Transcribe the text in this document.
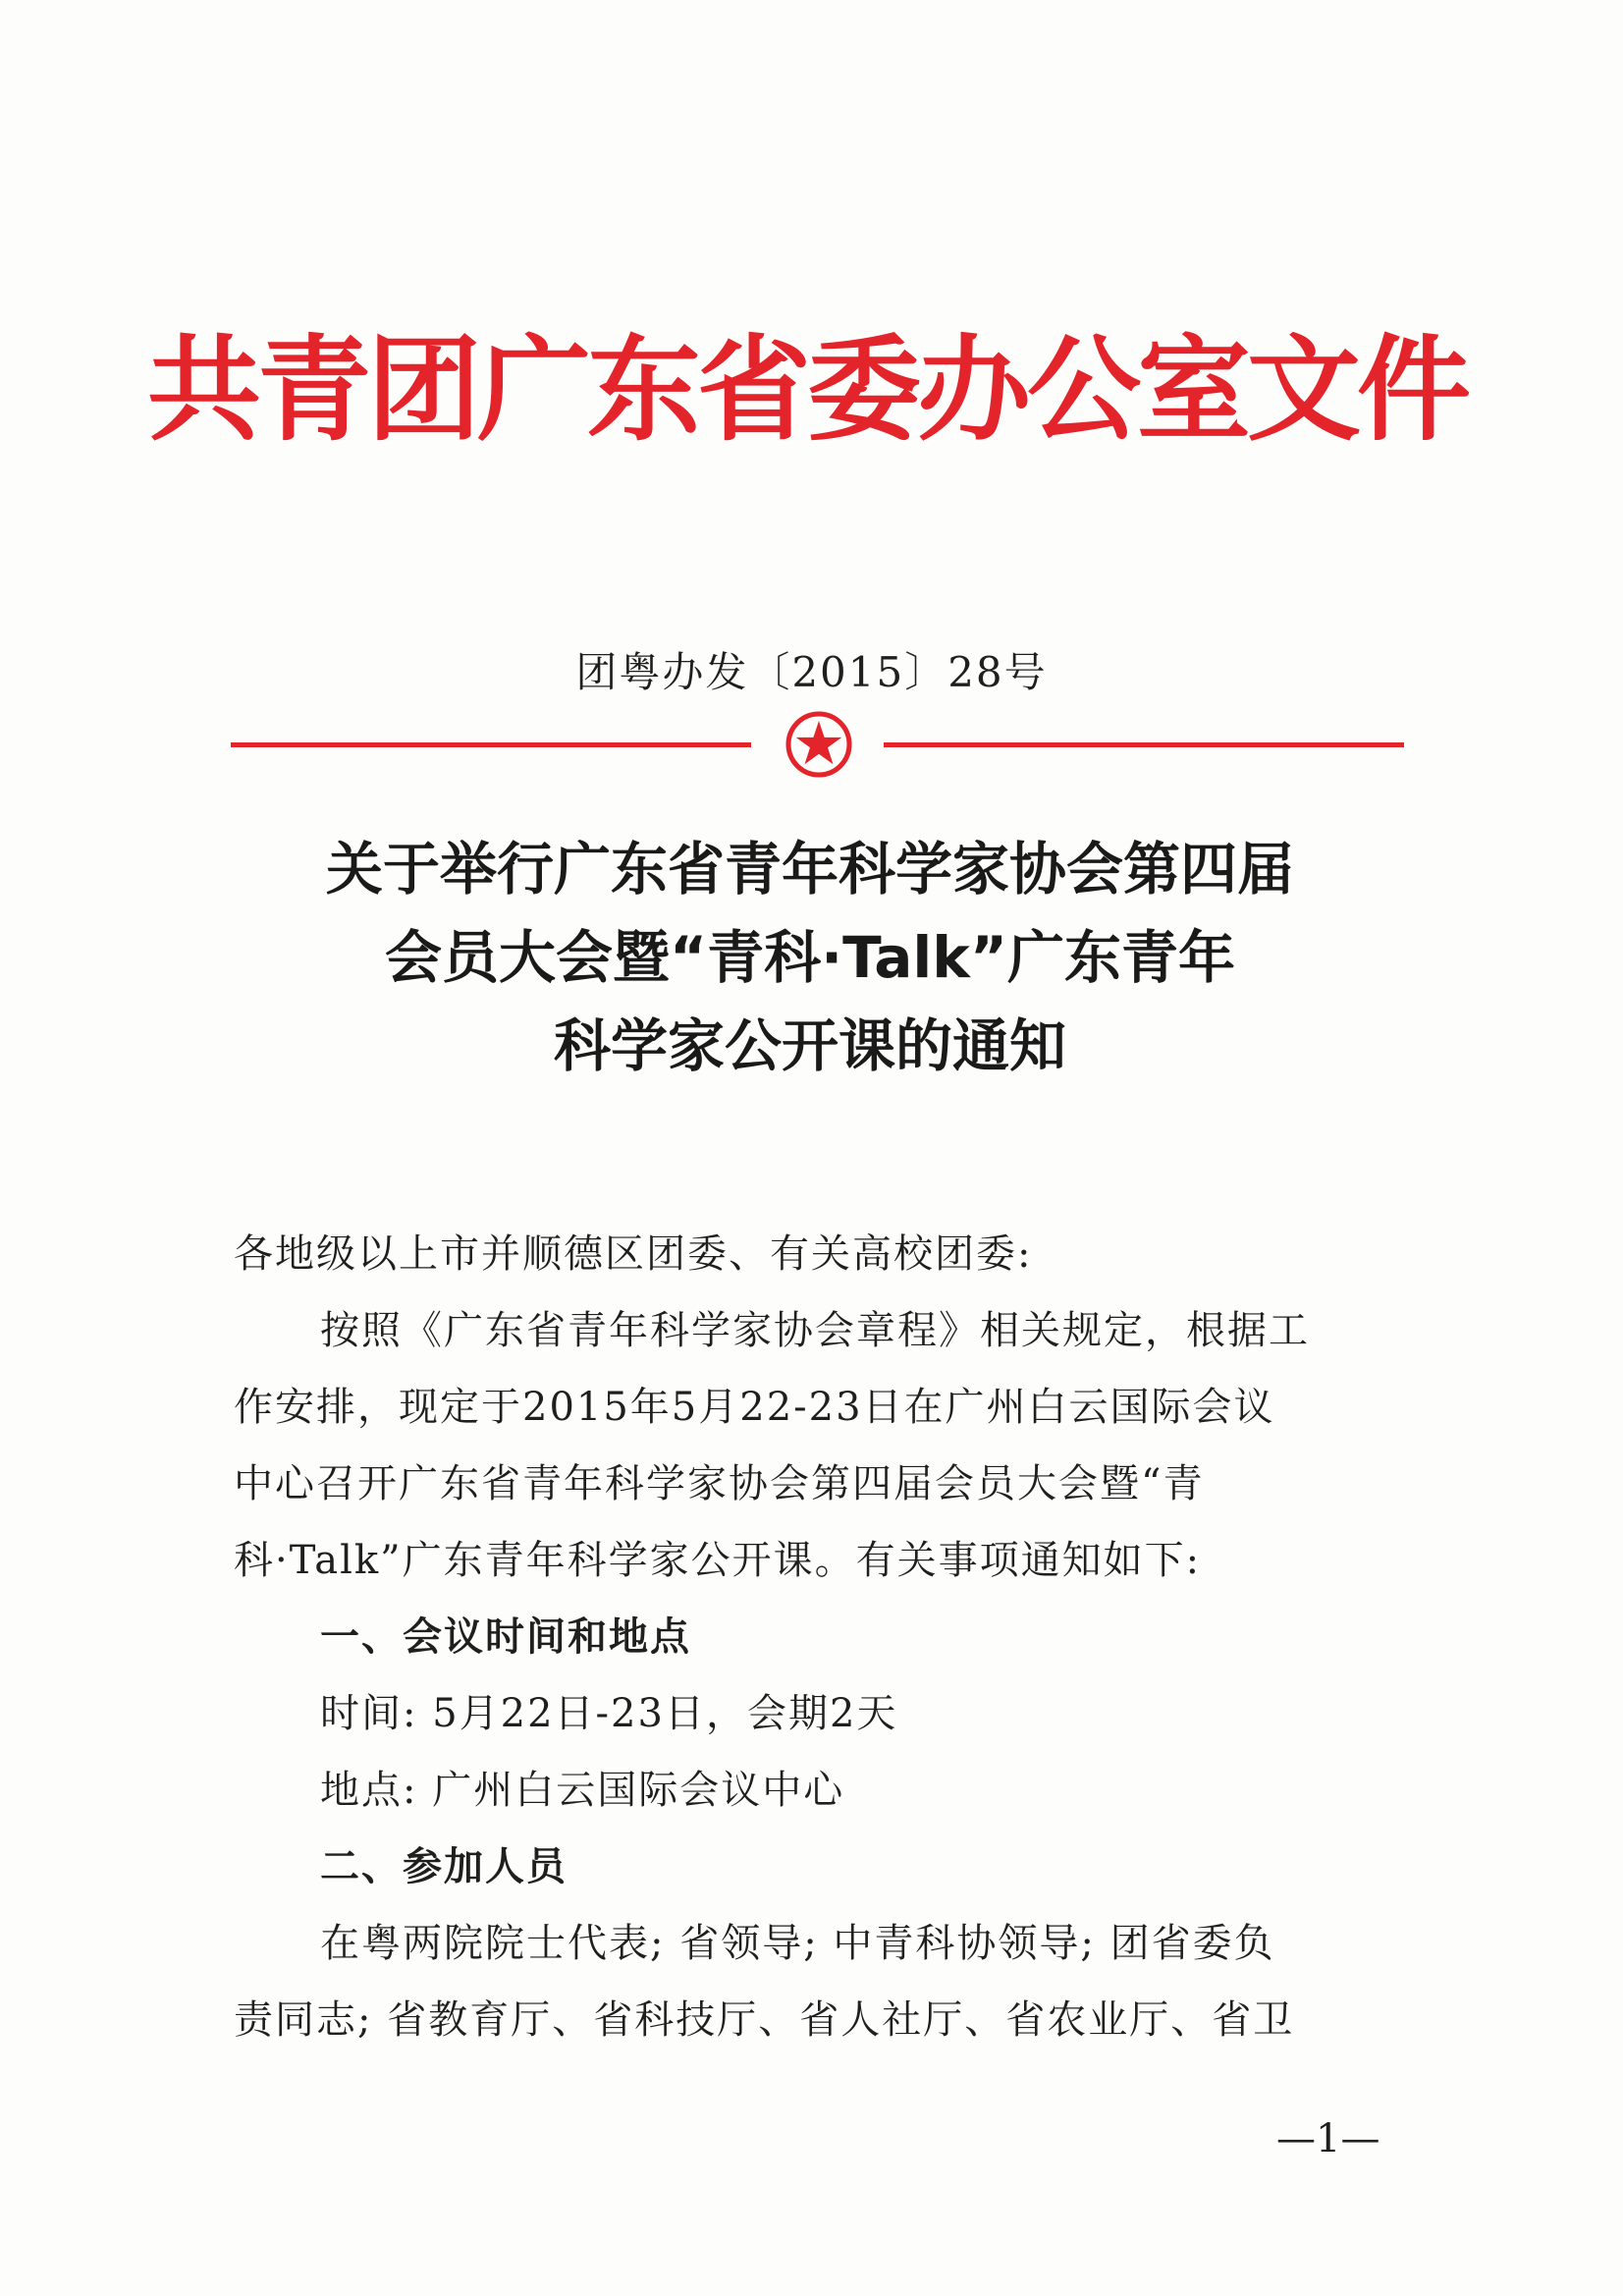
共青团广东省委办公室文件
团粤办发〔2015〕28号
关于举行广东省青年科学家协会第四届
会员大会暨“青科·Talk”广东青年
科学家公开课的通知

各地级以上市并顺德区团委、有关高校团委:

按照《广东省青年科学家协会章程》相关规定，根据工

作安排，现定于2015年5月22-23日在广州白云国际会议

中心召开广东省青年科学家协会第四届会员大会暨“青

科·Talk”广东青年科学家公开课。有关事项通知如下:

一、会议时间和地点

时间: 5月22日-23日，会期2天

地点: 广州白云国际会议中心

二、参加人员

在粤两院院士代表; 省领导; 中青科协领导; 团省委负

责同志; 省教育厅、省科技厅、省人社厅、省农业厅、省卫

—1—
